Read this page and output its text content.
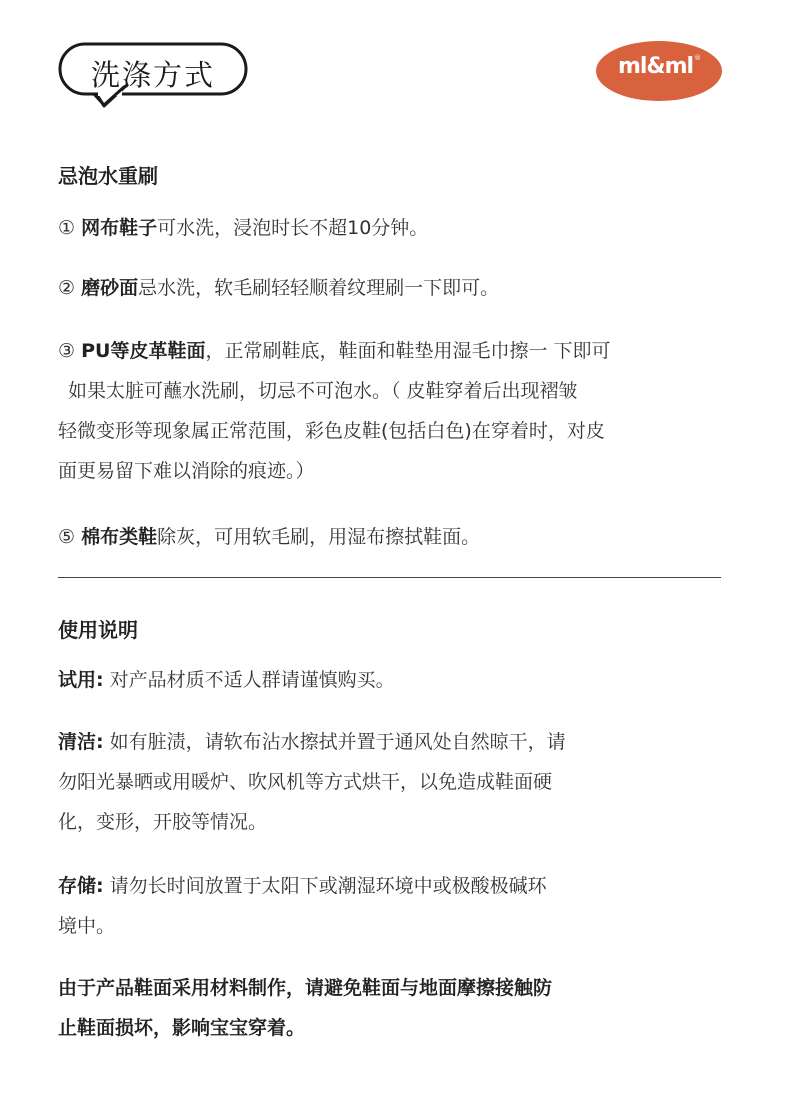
洗涤方式	ml&ml®
忌泡水重刷
① 网布鞋子可水洗，浸泡时长不超10分钟。
② 磨砂面忌水洗，软毛刷轻轻顺着纹理刷一下即可。
③ PU等皮革鞋面，正常刷鞋底，鞋面和鞋垫用湿毛巾擦一 下即可
如果太脏可蘸水洗刷，切忌不可泡水。（ 皮鞋穿着后出现褶皱
轻微变形等现象属正常范围，彩色皮鞋(包括白色)在穿着时，对皮
面更易留下难以消除的痕迹。）
⑤ 棉布类鞋除灰，可用软毛刷，用湿布擦拭鞋面。
使用说明
试用: 对产品材质不适人群请谨慎购买。
清洁: 如有脏渍，请软布沾水擦拭并置于通风处自然晾干，请
勿阳光暴晒或用暖炉、吹风机等方式烘干，以免造成鞋面硬
化，变形，开胶等情况。
存储: 请勿长时间放置于太阳下或潮湿环境中或极酸极碱环
境中。
由于产品鞋面采用材料制作，请避免鞋面与地面摩擦接触防
止鞋面损坏，影响宝宝穿着。
